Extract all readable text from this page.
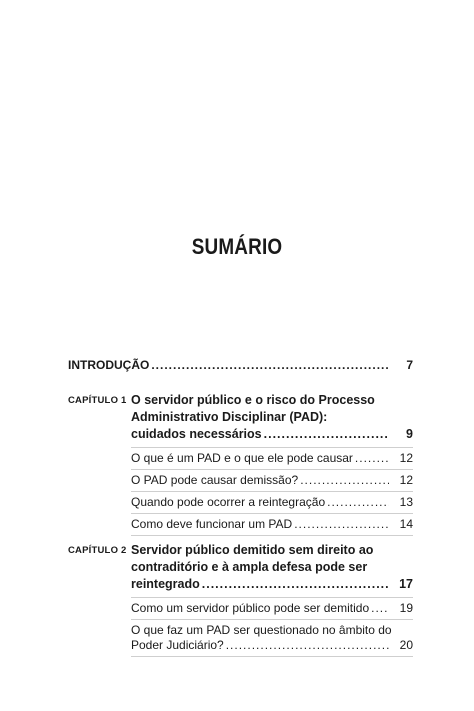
SUMÁRIO
INTRODUÇÃO .....	7
CAPÍTULO 1 O servidor público e o risco do Processo
Administrativo Disciplinar (PAD):
cuidados necessários .....	9
O que é um PAD e o que ele pode causar .....	12
O PAD pode causar demissão? .....	12
Quando pode ocorrer a reintegração .....	13
Como deve funcionar um PAD .....	14
CAPÍTULO 2 Servidor público demitido sem direito ao
contraditório e à ampla defesa pode ser
reintegrado .....	17
Como um servidor público pode ser demitido .....	19
O que faz um PAD ser questionado no âmbito do
Poder Judiciário? .....	20
